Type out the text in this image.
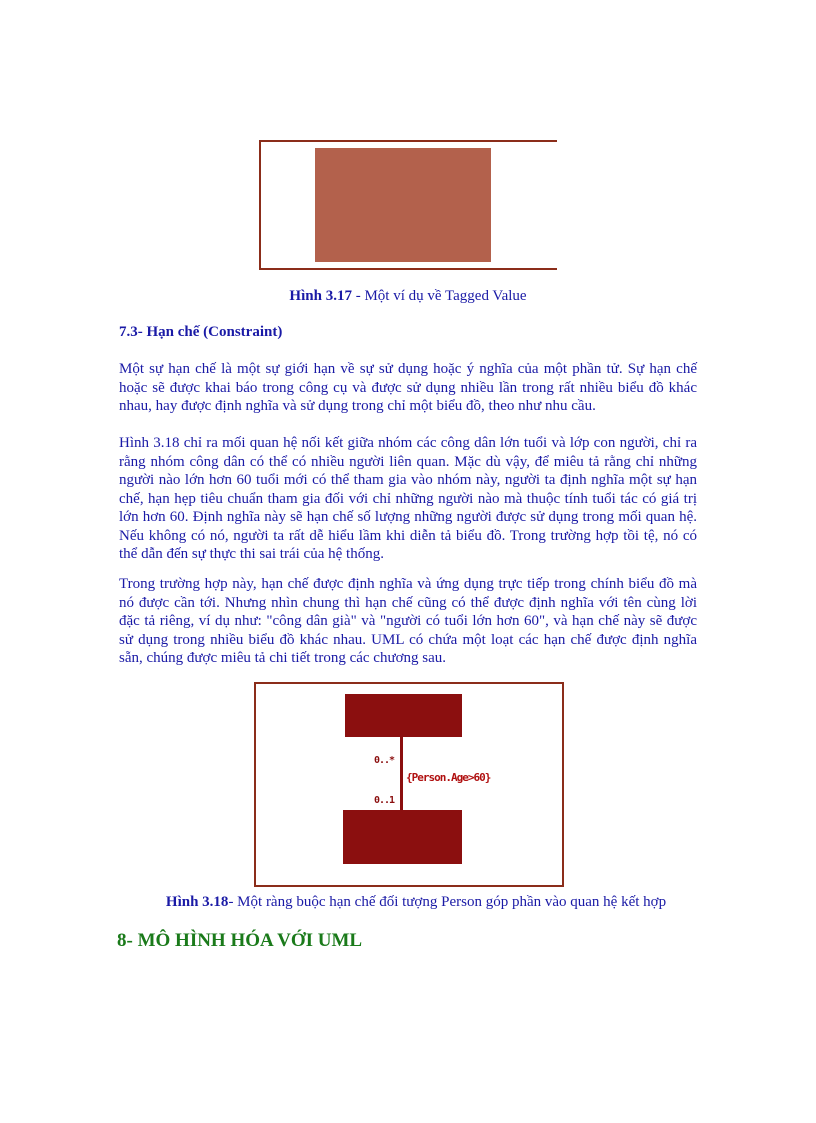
Hình 3.17 - Một ví dụ về Tagged Value
7.3- Hạn chế (Constraint)

Một sự hạn chế là một sự giới hạn về sự sử dụng hoặc ý nghĩa của một phần tử. Sự hạn chế hoặc sẽ được khai báo trong công cụ và được sử dụng nhiều lần trong rất nhiều biểu đồ khác nhau, hay được định nghĩa và sử dụng trong chỉ một biểu đồ, theo như nhu cầu.

Hình 3.18 chỉ ra mối quan hệ nối kết giữa nhóm các công dân lớn tuổi và lớp con người, chỉ ra rằng nhóm công dân có thể có nhiều người liên quan. Mặc dù vậy, để miêu tả rằng chỉ những người nào lớn hơn 60 tuổi mới có thể tham gia vào nhóm này, người ta định nghĩa một sự hạn chế, hạn hẹp tiêu chuẩn tham gia đối với chỉ những người nào mà thuộc tính tuổi tác có giá trị lớn hơn 60. Định nghĩa này sẽ hạn chế số lượng những người được sử dụng trong mối quan hệ. Nếu không có nó, người ta rất dễ hiểu lầm khi diễn tả biểu đồ. Trong trường hợp tồi tệ, nó có thể dẫn đến sự thực thi sai trái của hệ thống.

Trong trường hợp này, hạn chế được định nghĩa và ứng dụng trực tiếp trong chính biểu đồ mà nó được cần tới. Nhưng nhìn chung thì hạn chế cũng có thể được định nghĩa với tên cùng lời đặc tả riêng, ví dụ như: "công dân già" và "người có tuổi lớn hơn 60", và hạn chế này sẽ được sử dụng trong nhiều biểu đồ khác nhau. UML có chứa một loạt các hạn chế được định nghĩa sẵn, chúng được miêu tả chi tiết trong các chương sau.

0..*
0..1
{Person.Age>60}
Hình 3.18- Một ràng buộc hạn chế đối tượng Person góp phần vào quan hệ kết hợp
8- MÔ HÌNH HÓA VỚI UML
